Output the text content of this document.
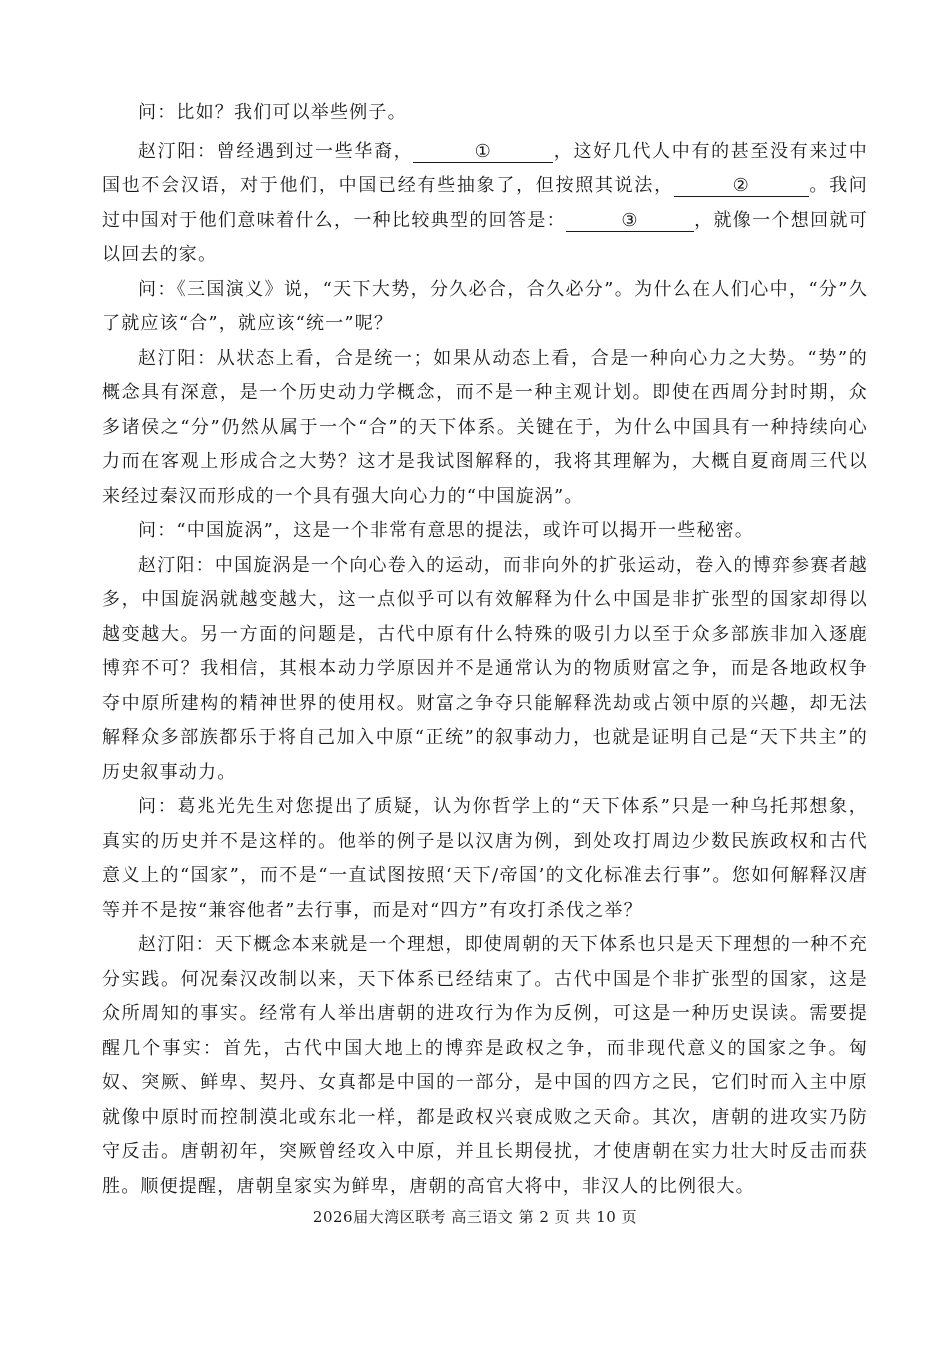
问：比如？我们可以举些例子。

赵汀阳：曾经遇到过一些华裔，	①	，这好几代人中有的甚至没有来过中国也不会汉语，对于他们，中国已经有些抽象了，但按照其说法，	②	。我问过中国对于他们意味着什么，一种比较典型的回答是：	③	，就像一个想回就可以回去的家。

问：《三国演义》说，“天下大势，分久必合，合久必分”。为什么在人们心中，“分”久了就应该“合”，就应该“统一”呢？

赵汀阳：从状态上看，合是统一；如果从动态上看，合是一种向心力之大势。“势”的概念具有深意，是一个历史动力学概念，而不是一种主观计划。即使在西周分封时期，众多诸侯之“分”仍然从属于一个“合”的天下体系。关键在于，为什么中国具有一种持续向心力而在客观上形成合之大势？这才是我试图解释的，我将其理解为，大概自夏商周三代以来经过秦汉而形成的一个具有强大向心力的“中国旋涡”。

问：“中国旋涡”，这是一个非常有意思的提法，或许可以揭开一些秘密。

赵汀阳：中国旋涡是一个向心卷入的运动，而非向外的扩张运动，卷入的博弈参赛者越多，中国旋涡就越变越大，这一点似乎可以有效解释为什么中国是非扩张型的国家却得以越变越大。另一方面的问题是，古代中原有什么特殊的吸引力以至于众多部族非加入逐鹿博弈不可？我相信，其根本动力学原因并不是通常认为的物质财富之争，而是各地政权争夺中原所建构的精神世界的使用权。财富之争夺只能解释洗劫或占领中原的兴趣，却无法解释众多部族都乐于将自己加入中原“正统”的叙事动力，也就是证明自己是“天下共主”的历史叙事动力。

问：葛兆光先生对您提出了质疑，认为你哲学上的“天下体系”只是一种乌托邦想象，真实的历史并不是这样的。他举的例子是以汉唐为例，到处攻打周边少数民族政权和古代意义上的“国家”，而不是“一直试图按照‘天下/帝国’的文化标准去行事”。您如何解释汉唐等并不是按“兼容他者”去行事，而是对“四方”有攻打杀伐之举？

赵汀阳：天下概念本来就是一个理想，即使周朝的天下体系也只是天下理想的一种不充分实践。何况秦汉改制以来，天下体系已经结束了。古代中国是个非扩张型的国家，这是众所周知的事实。经常有人举出唐朝的进攻行为作为反例，可这是一种历史误读。需要提醒几个事实：首先，古代中国大地上的博弈是政权之争，而非现代意义的国家之争。匈奴、突厥、鲜卑、契丹、女真都是中国的一部分，是中国的四方之民，它们时而入主中原就像中原时而控制漠北或东北一样，都是政权兴衰成败之天命。其次，唐朝的进攻实乃防守反击。唐朝初年，突厥曾经攻入中原，并且长期侵扰，才使唐朝在实力壮大时反击而获胜。顺便提醒，唐朝皇家实为鲜卑，唐朝的高官大将中，非汉人的比例很大。

2026届大湾区联考 高三语文 第 2 页 共 10 页
